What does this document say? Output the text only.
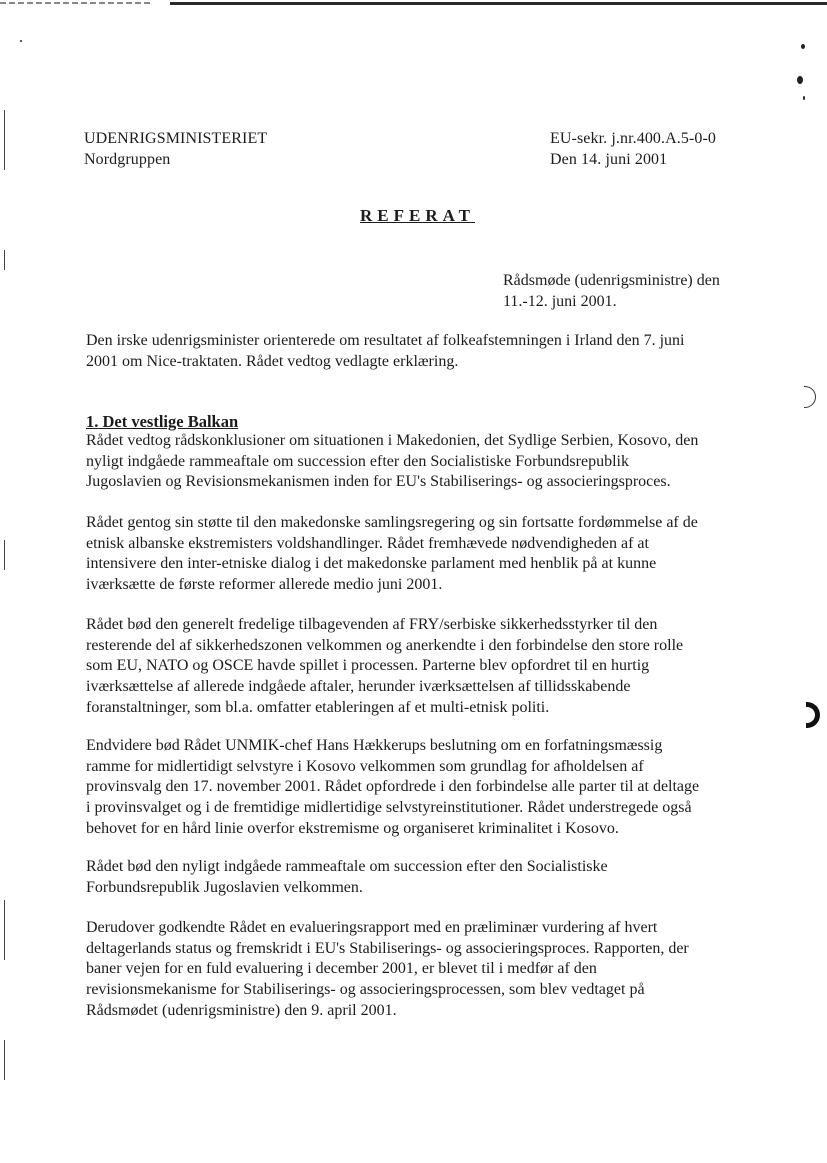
UDENRIGSMINISTERIET
Nordgruppen
EU-sekr. j.nr.400.A.5-0-0
Den 14. juni 2001
REFERAT
Rådsmøde (udenrigsministre) den
11.-12. juni 2001.
Den irske udenrigsminister orienterede om resultatet af folkeafstemningen i Irland den 7. juni
2001 om Nice-traktaten. Rådet vedtog vedlagte erklæring.
1. Det vestlige Balkan
Rådet vedtog rådskonklusioner om situationen i Makedonien, det Sydlige Serbien, Kosovo, den
nyligt indgåede rammeaftale om succession efter den Socialistiske Forbundsrepublik
Jugoslavien og Revisionsmekanismen inden for EU's Stabiliserings- og associeringsproces.
Rådet gentog sin støtte til den makedonske samlingsregering og sin fortsatte fordømmelse af de
etnisk albanske ekstremisters voldshandlinger. Rådet fremhævede nødvendigheden af at
intensivere den inter-etniske dialog i det makedonske parlament med henblik på at kunne
iværksætte de første reformer allerede medio juni 2001.
Rådet bød den generelt fredelige tilbagevenden af FRY/serbiske sikkerhedsstyrker til den
resterende del af sikkerhedszonen velkommen og anerkendte i den forbindelse den store rolle
som EU, NATO og OSCE havde spillet i processen. Parterne blev opfordret til en hurtig
iværksættelse af allerede indgåede aftaler, herunder iværksættelsen af tillidsskabende
foranstaltninger, som bl.a. omfatter etableringen af et multi-etnisk politi.
Endvidere bød Rådet UNMIK-chef Hans Hækkerups beslutning om en forfatningsmæssig
ramme for midlertidigt selvstyre i Kosovo velkommen som grundlag for afholdelsen af
provinsvalg den 17. november 2001. Rådet opfordrede i den forbindelse alle parter til at deltage
i provinsvalget og i de fremtidige midlertidige selvstyreinstitutioner. Rådet understregede også
behovet for en hård linie overfor ekstremisme og organiseret kriminalitet i Kosovo.
Rådet bød den nyligt indgåede rammeaftale om succession efter den Socialistiske
Forbundsrepublik Jugoslavien velkommen.
Derudover godkendte Rådet en evalueringsrapport med en præliminær vurdering af hvert
deltagerlands status og fremskridt i EU's Stabiliserings- og associeringsproces. Rapporten, der
baner vejen for en fuld evaluering i december 2001, er blevet til i medfør af den
revisionsmekanisme for Stabiliserings- og associeringsprocessen, som blev vedtaget på
Rådsmødet (udenrigsministre) den 9. april 2001.
